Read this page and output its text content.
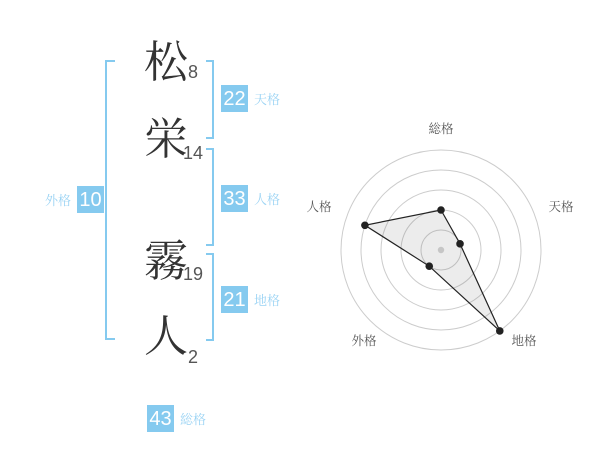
松
栄
霧
人
8
14
19
2
22 天格
33 人格
21 地格
外格 10
43 総格
総格
天格
地格
外格
人格
